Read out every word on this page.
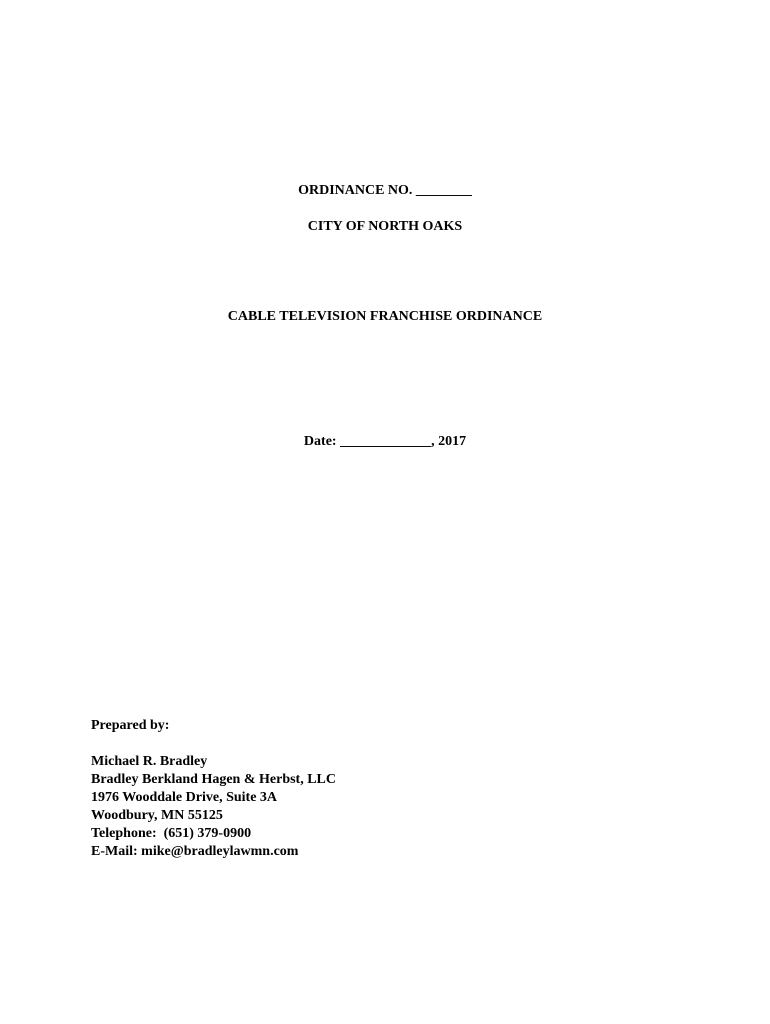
ORDINANCE NO. ________
CITY OF NORTH OAKS
CABLE TELEVISION FRANCHISE ORDINANCE
Date: _____________, 2017
Prepared by:
Michael R. Bradley
Bradley Berkland Hagen & Herbst, LLC
1976 Wooddale Drive, Suite 3A
Woodbury, MN 55125
Telephone:  (651) 379-0900
E-Mail: mike@bradleylawmn.com
